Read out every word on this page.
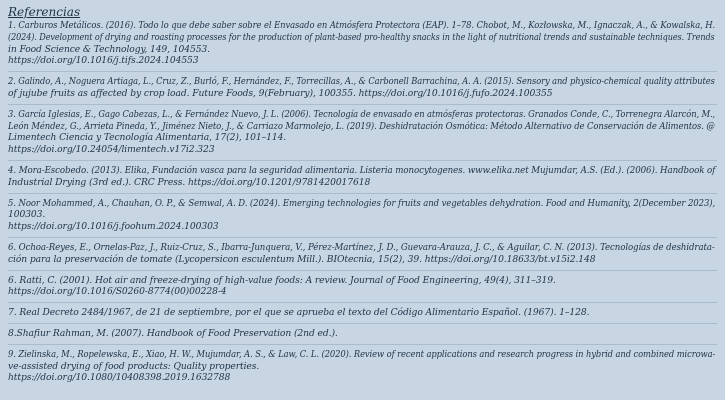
Referencias
1. Carburos Metálicos. (2016). Todo lo que debe saber sobre el Envasado en Atmósfera Protectora (EAP). 1–78. Chobot, M., Kozłowska, M., Ignaczak, A., & Kowalska, H.
(2024). Development of drying and roasting processes for the production of plant-based pro-healthy snacks in the light of nutritional trends and sustainable techniques. Trends
in Food Science & Technology, 149, 104553.
https://doi.org/10.1016/j.tifs.2024.104553
2. Galindo, A., Noguera Artiaga, L., Cruz, Z., Burló, F., Hernández, F., Torrecillas, A., & Carbonell Barrachina, A. A. (2015). Sensory and physico-chemical quality attributes
of jujube fruits as affected by crop load. Future Foods, 9(February), 100355. https://doi.org/10.1016/j.fufo.2024.100355
3. García Iglesias, E., Gago Cabezas, L., & Fernández Nuevo, J. L. (2006). Tecnología de envasado en atmósferas protectoras. Granados Conde, C., Torrenegra Alarcón, M.,
León Méndez, G., Arrieta Pineda, Y., Jiménez Nieto, J., & Carriazo Marmolejo, L. (2019). Deshidratación Osmótica: Método Alternativo de Conservación de Alimentos. @
Limentech Ciencia y Tecnología Alimentaria, 17(2), 101–114.
https://doi.org/10.24054/limentech.v17i2.323
4. Mora-Escobedo. (2013). Elika, Fundación vasca para la seguridad alimentaria. Listeria monocytogenes. www.elika.net Mujumdar, A.S. (Ed.). (2006). Handbook of
Industrial Drying (3rd ed.). CRC Press. https://doi.org/10.1201/9781420017618
5. Noor Mohammed, A., Chauhan, O. P., & Semwal, A. D. (2024). Emerging technologies for fruits and vegetables dehydration. Food and Humanity, 2(December 2023),
100303.
https://doi.org/10.1016/j.foohum.2024.100303
6. Ochoa-Reyes, E., Ornelas-Paz, J., Ruiz-Cruz, S., Ibarra-Junquera, V., Pérez-Martínez, J. D., Guevara-Arauza, J. C., & Aguilar, C. N. (2013). Tecnologías de deshidrata-
ción para la preservación de tomate (Lycopersicon esculentum Mill.). BIOtecnia, 15(2), 39. https://doi.org/10.18633/bt.v15i2.148
6. Ratti, C. (2001). Hot air and freeze-drying of high-value foods: A review. Journal of Food Engineering, 49(4), 311–319.
https://doi.org/10.1016/S0260-8774(00)00228-4
7. Real Decreto 2484/1967, de 21 de septiembre, por el que se aprueba el texto del Código Alimentario Español. (1967). 1–128.
8.Shafiur Rahman, M. (2007). Handbook of Food Preservation (2nd ed.).
9. Zielinska, M., Ropelewska, E., Xiao, H. W., Mujumdar, A. S., & Law, C. L. (2020). Review of recent applications and research progress in hybrid and combined microwa-
ve-assisted drying of food products: Quality properties.
https://doi.org/10.1080/10408398.2019.1632788
